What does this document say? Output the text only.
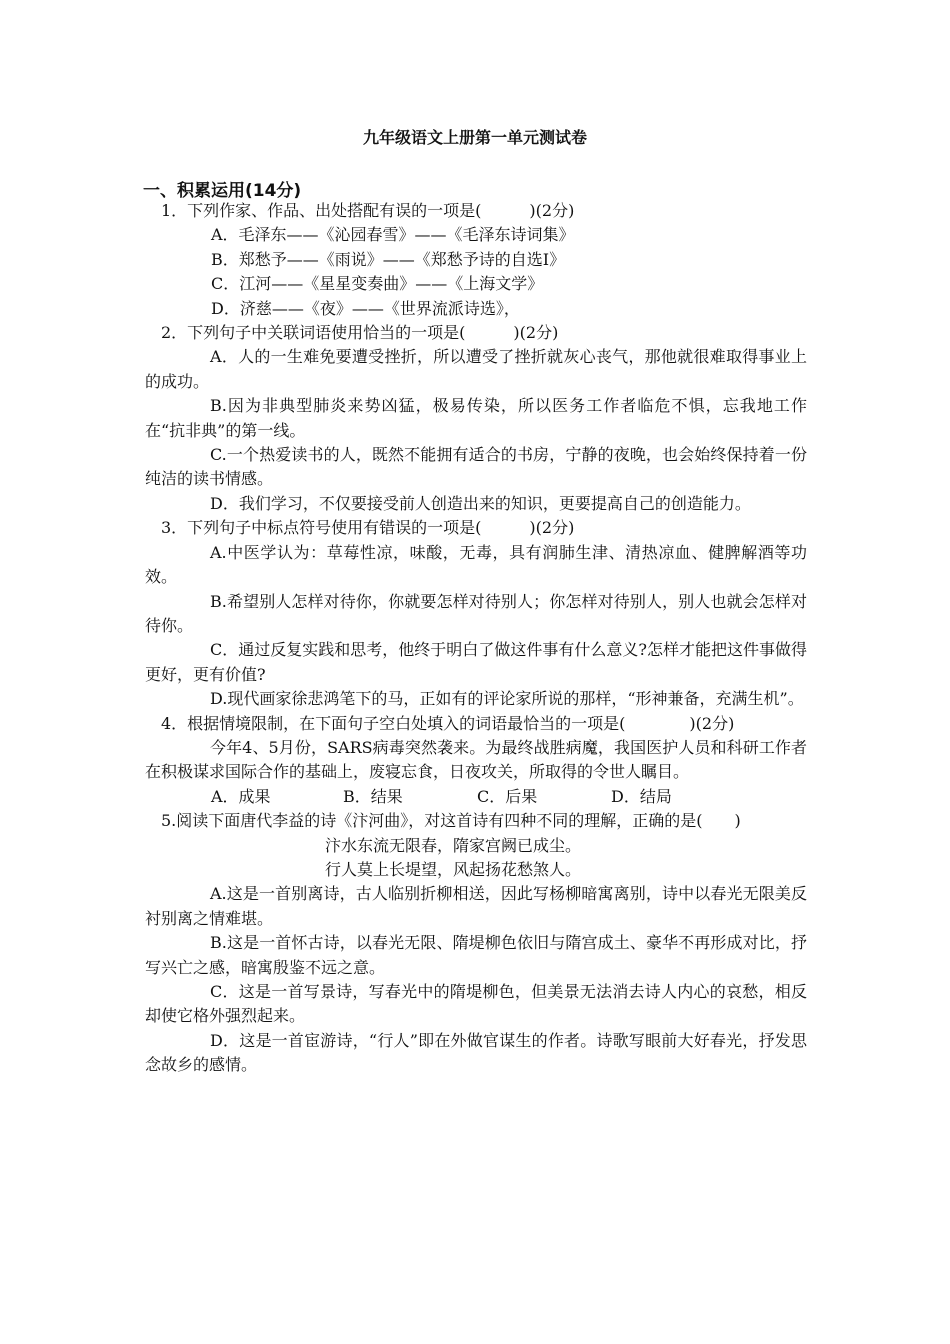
九年级语文上册第一单元测试卷
一、积累运用(14分)
1．下列作家、作品、出处搭配有误的一项是(　　　)(2分)
A．毛泽东——《沁园春雪》——《毛泽东诗词集》
B．郑愁予——《雨说》——《郑愁予诗的自选Ⅰ》
C．江河——《星星变奏曲》——《上海文学》
D．济慈——《夜》——《世界流派诗选》，
2．下列句子中关联词语使用恰当的一项是(　　　)(2分)
A．人的一生难免要遭受挫折，所以遭受了挫折就灰心丧气，那他就很难取得事业上的成功。
B.因为非典型肺炎来势凶猛，极易传染，所以医务工作者临危不惧，忘我地工作在“抗非典”的第一线。
C.一个热爱读书的人，既然不能拥有适合的书房，宁静的夜晚，也会始终保持着一份纯洁的读书情感。
D．我们学习，不仅要接受前人创造出来的知识，更要提高自己的创造能力。
3．下列句子中标点符号使用有错误的一项是(　　　)(2分)
A.中医学认为：草莓性凉，味酸，无毒，具有润肺生津、清热凉血、健脾解酒等功效。
B.希望别人怎样对待你，你就要怎样对待别人；你怎样对待别人，别人也就会怎样对待你。
C．通过反复实践和思考，他终于明白了做这件事有什么意义?怎样才能把这件事做得更好，更有价值?
D.现代画家徐悲鸿笔下的马，正如有的评论家所说的那样，“形神兼备，充满生机”。
4．根据情境限制，在下面句子空白处填入的词语最恰当的一项是(　　　　)(2分)
今年4、5月份，SARS病毒突然袭来。为最终战胜病魔，我国医护人员和科研工作者　　　　在积极谋求国际合作的基础上，废寝忘食，日夜攻关，所取得的令世人瞩目。
A．成果	B．结果	C．后果	D．结局
5.阅读下面唐代李益的诗《汴河曲》，对这首诗有四种不同的理解，正确的是(　　)
汴水东流无限春，隋家宫阙已成尘。
行人莫上长堤望，风起扬花愁煞人。
A.这是一首别离诗，古人临别折柳相送，因此写杨柳暗寓离别，诗中以春光无限美反衬别离之情难堪。
B.这是一首怀古诗，以春光无限、隋堤柳色依旧与隋宫成土、豪华不再形成对比，抒写兴亡之感，暗寓殷鉴不远之意。
C．这是一首写景诗，写春光中的隋堤柳色，但美景无法消去诗人内心的哀愁，相反却使它格外强烈起来。
D．这是一首宦游诗，“行人”即在外做官谋生的作者。诗歌写眼前大好春光，抒发思念故乡的感情。
